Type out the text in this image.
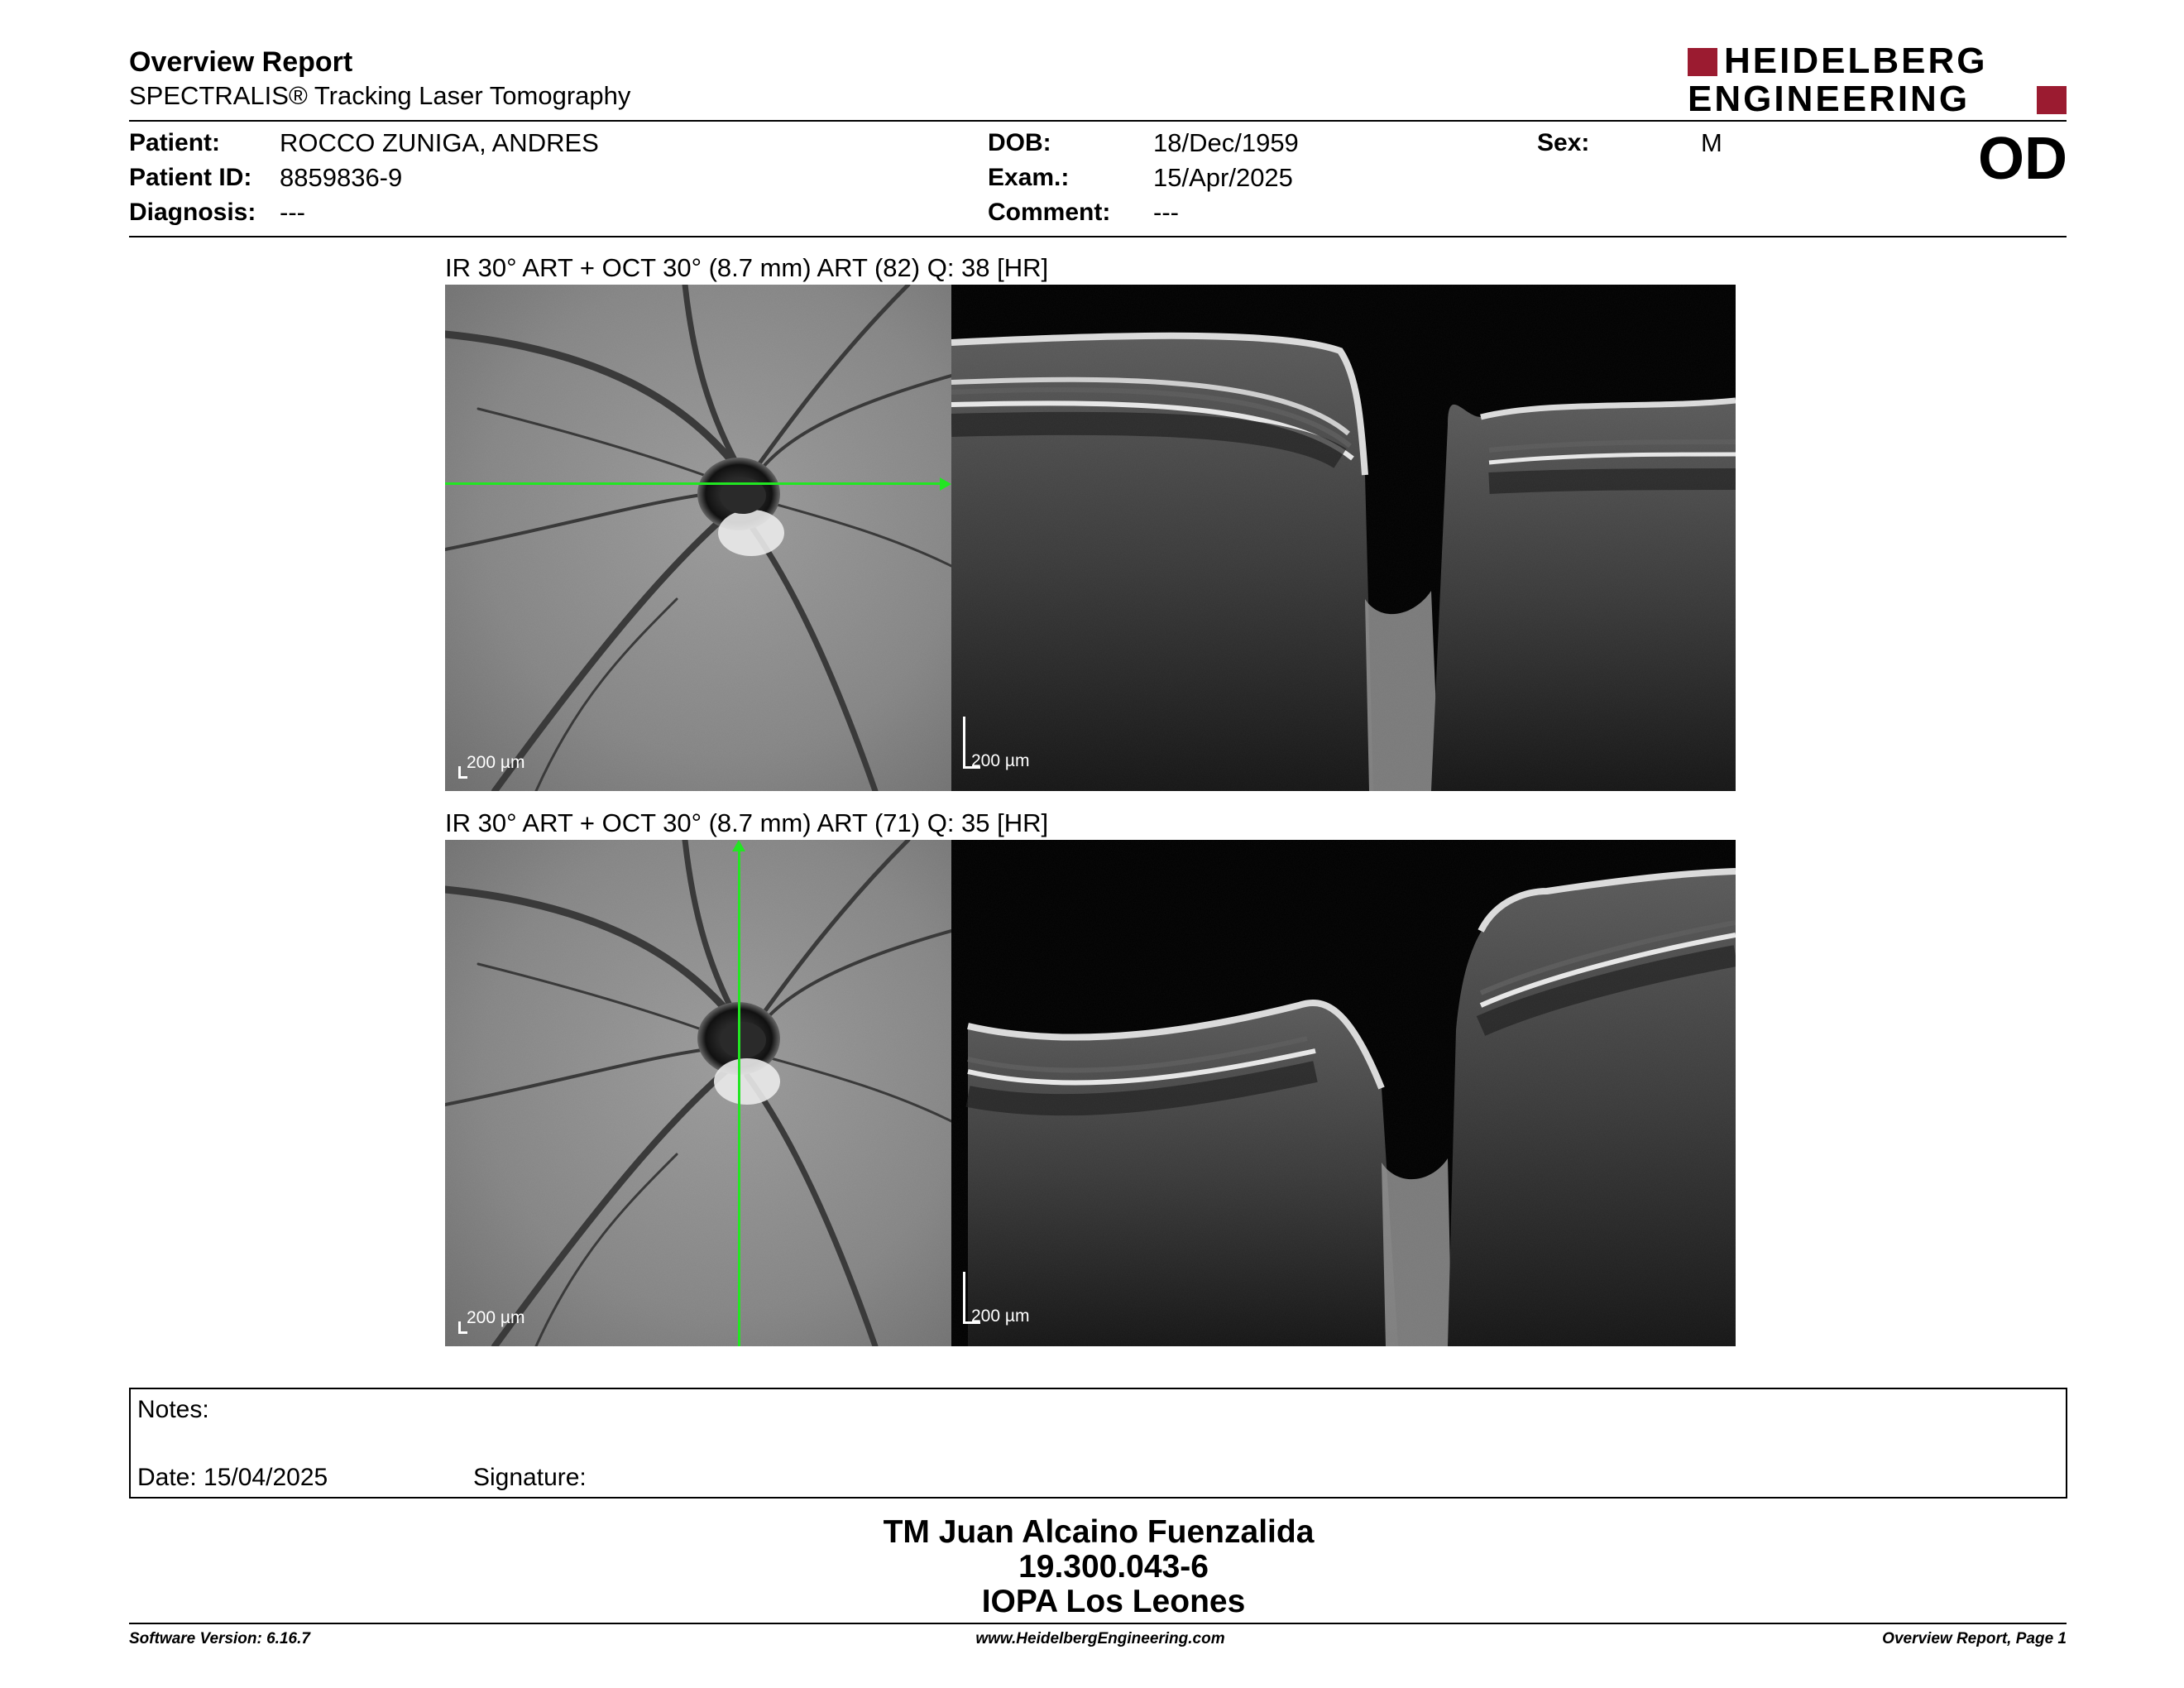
Overview Report
SPECTRALIS® Tracking Laser Tomography
HEIDELBERG
ENGINEERING
Patient: ROCCO ZUNIGA, ANDRES
Patient ID: 8859836-9
Diagnosis: ---
DOB:	18/Dec/1959
Exam.:	15/Apr/2025
Comment: ---
Sex:	M	OD
IR 30° ART + OCT 30° (8.7 mm) ART (82) Q: 38 [HR]
200 µm	200 µm
IR 30° ART + OCT 30° (8.7 mm) ART (71) Q: 35 [HR]
200 µm	200 µm
Notes:
Date: 15/04/2025	Signature:
TM Juan Alcaino Fuenzalida
19.300.043-6
IOPA Los Leones
Software Version: 6.16.7	www.HeidelbergEngineering.com	Overview Report, Page 1
